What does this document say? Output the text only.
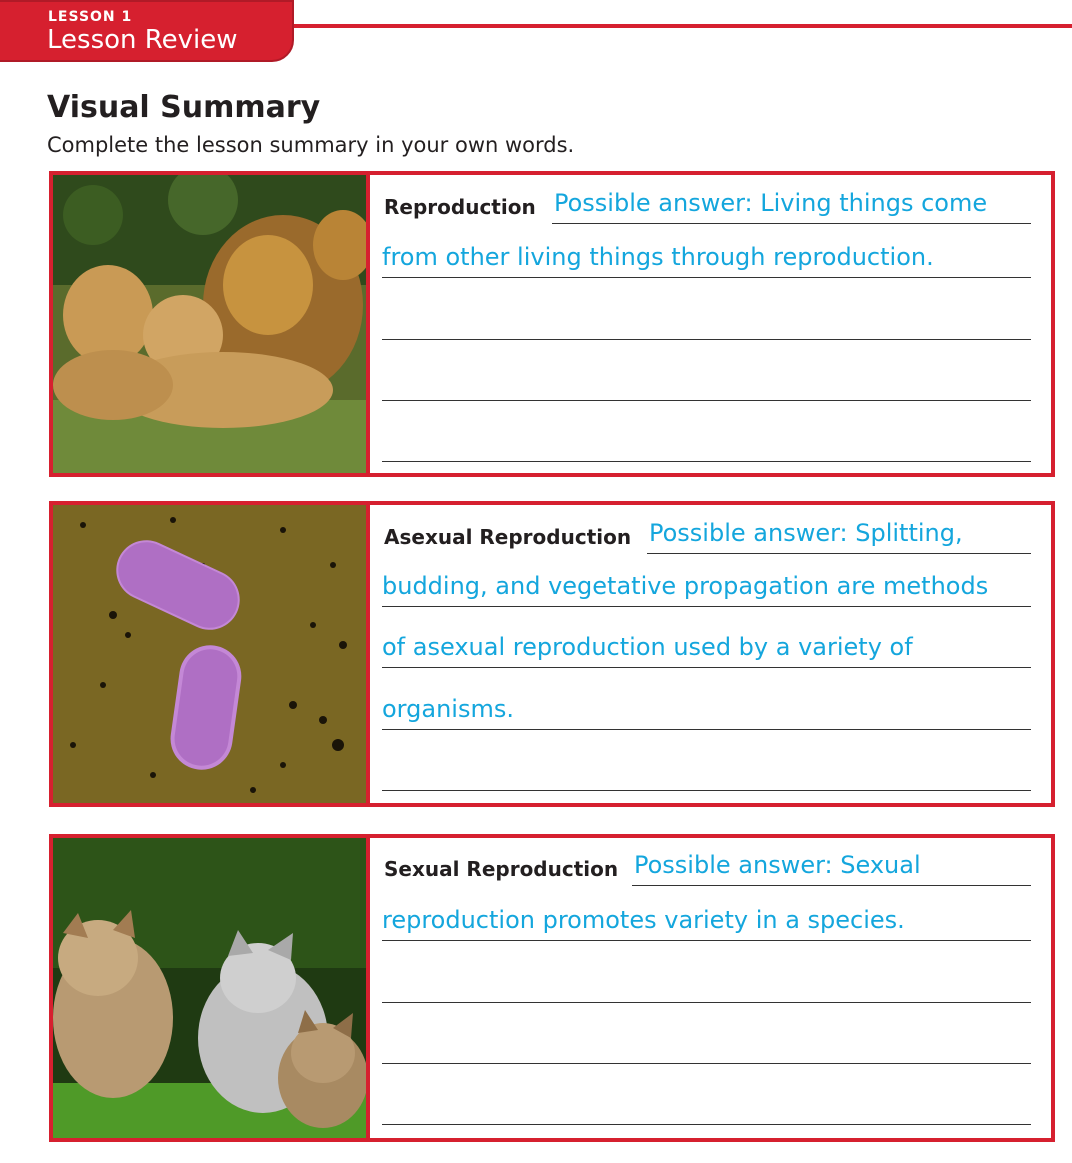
LESSON 1
Lesson Review
Visual Summary
Complete the lesson summary in your own words.
Reproduction Possible answer: Living things come
from other living things through reproduction.
Asexual Reproduction Possible answer: Splitting,
budding, and vegetative propagation are methods
of asexual reproduction used by a variety of
organisms.
Sexual Reproduction Possible answer: Sexual
reproduction promotes variety in a species.
